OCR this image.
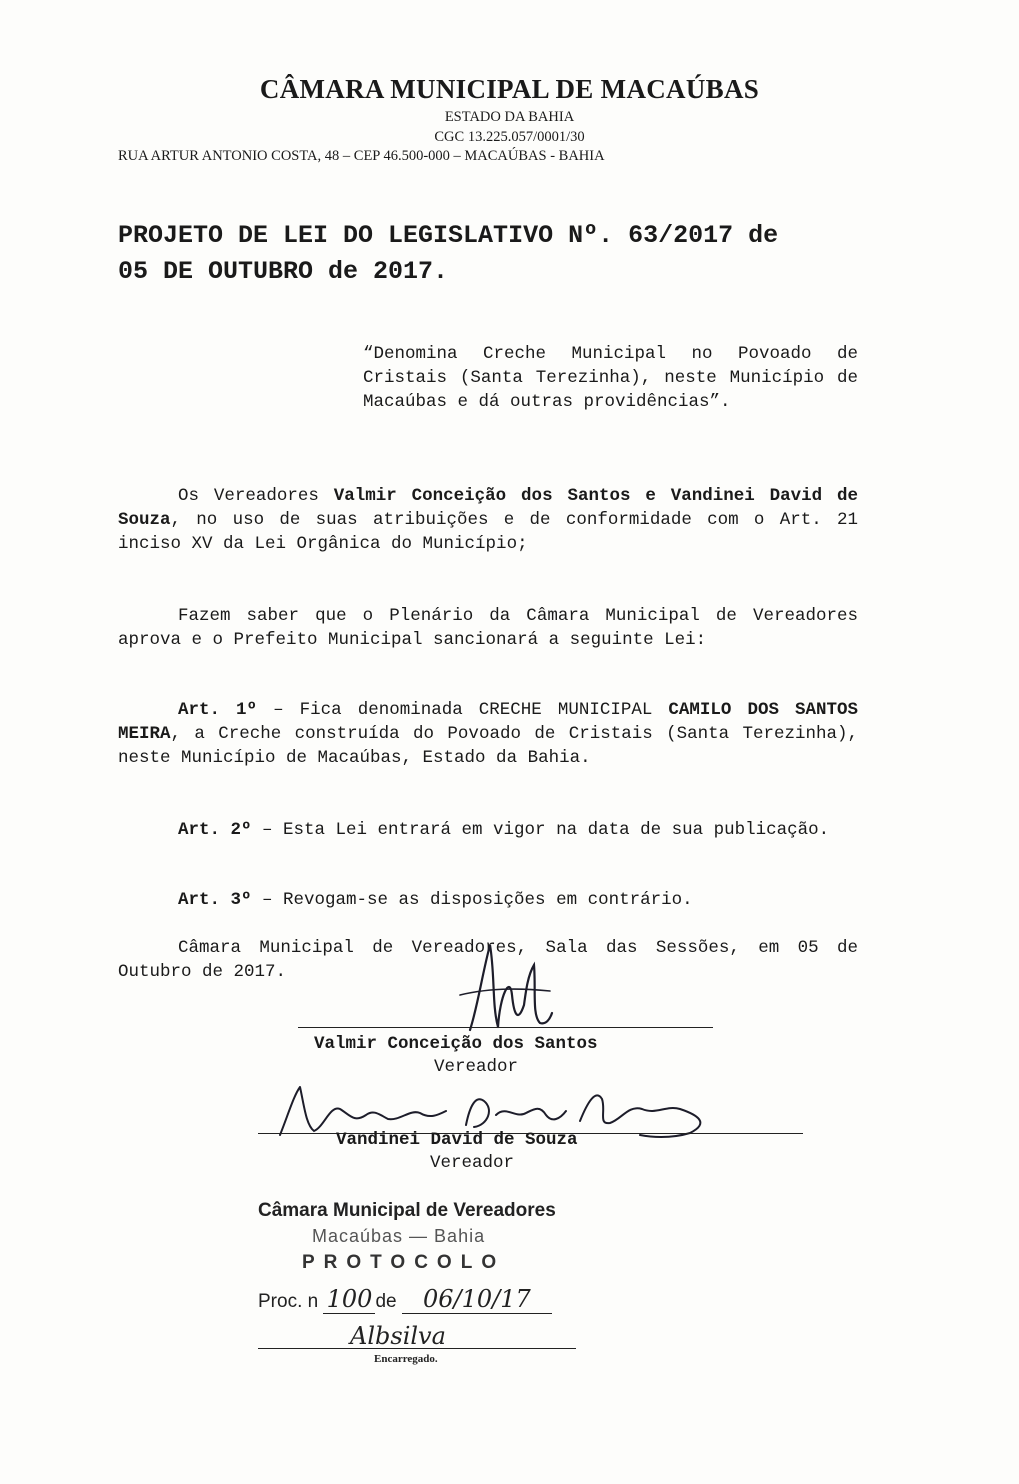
CÂMARA MUNICIPAL DE MACAÚBAS
ESTADO DA BAHIA
CGC 13.225.057/0001/30
RUA ARTUR ANTONIO COSTA, 48 – CEP 46.500-000 – MACAÚBAS - BAHIA
PROJETO DE LEI DO LEGISLATIVO Nº. 63/2017 de
05 DE OUTUBRO de 2017.
“Denomina Creche Municipal no Povoado de Cristais (Santa Terezinha), neste Município de Macaúbas e dá outras providências”.
Os Vereadores Valmir Conceição dos Santos e Vandinei David de Souza, no uso de suas atribuições e de conformidade com o Art. 21 inciso XV da Lei Orgânica do Município;
Fazem saber que o Plenário da Câmara Municipal de Vereadores aprova e o Prefeito Municipal sancionará a seguinte Lei:
Art. 1º – Fica denominada CRECHE MUNICIPAL CAMILO DOS SANTOS MEIRA, a Creche construída do Povoado de Cristais (Santa Terezinha), neste Município de Macaúbas, Estado da Bahia.
Art. 2º – Esta Lei entrará em vigor na data de sua publicação.
Art. 3º – Revogam-se as disposições em contrário.
Câmara Municipal de Vereadores, Sala das Sessões, em 05 de Outubro de 2017.
Valmir Conceição dos Santos
Vereador
Vandinei David de Souza
Vereador
Câmara Municipal de Vereadores
Macaúbas — Bahia
PROTOCOLO
Proc. n 100 de 06/10/17
Albsilva
Encarregado.
